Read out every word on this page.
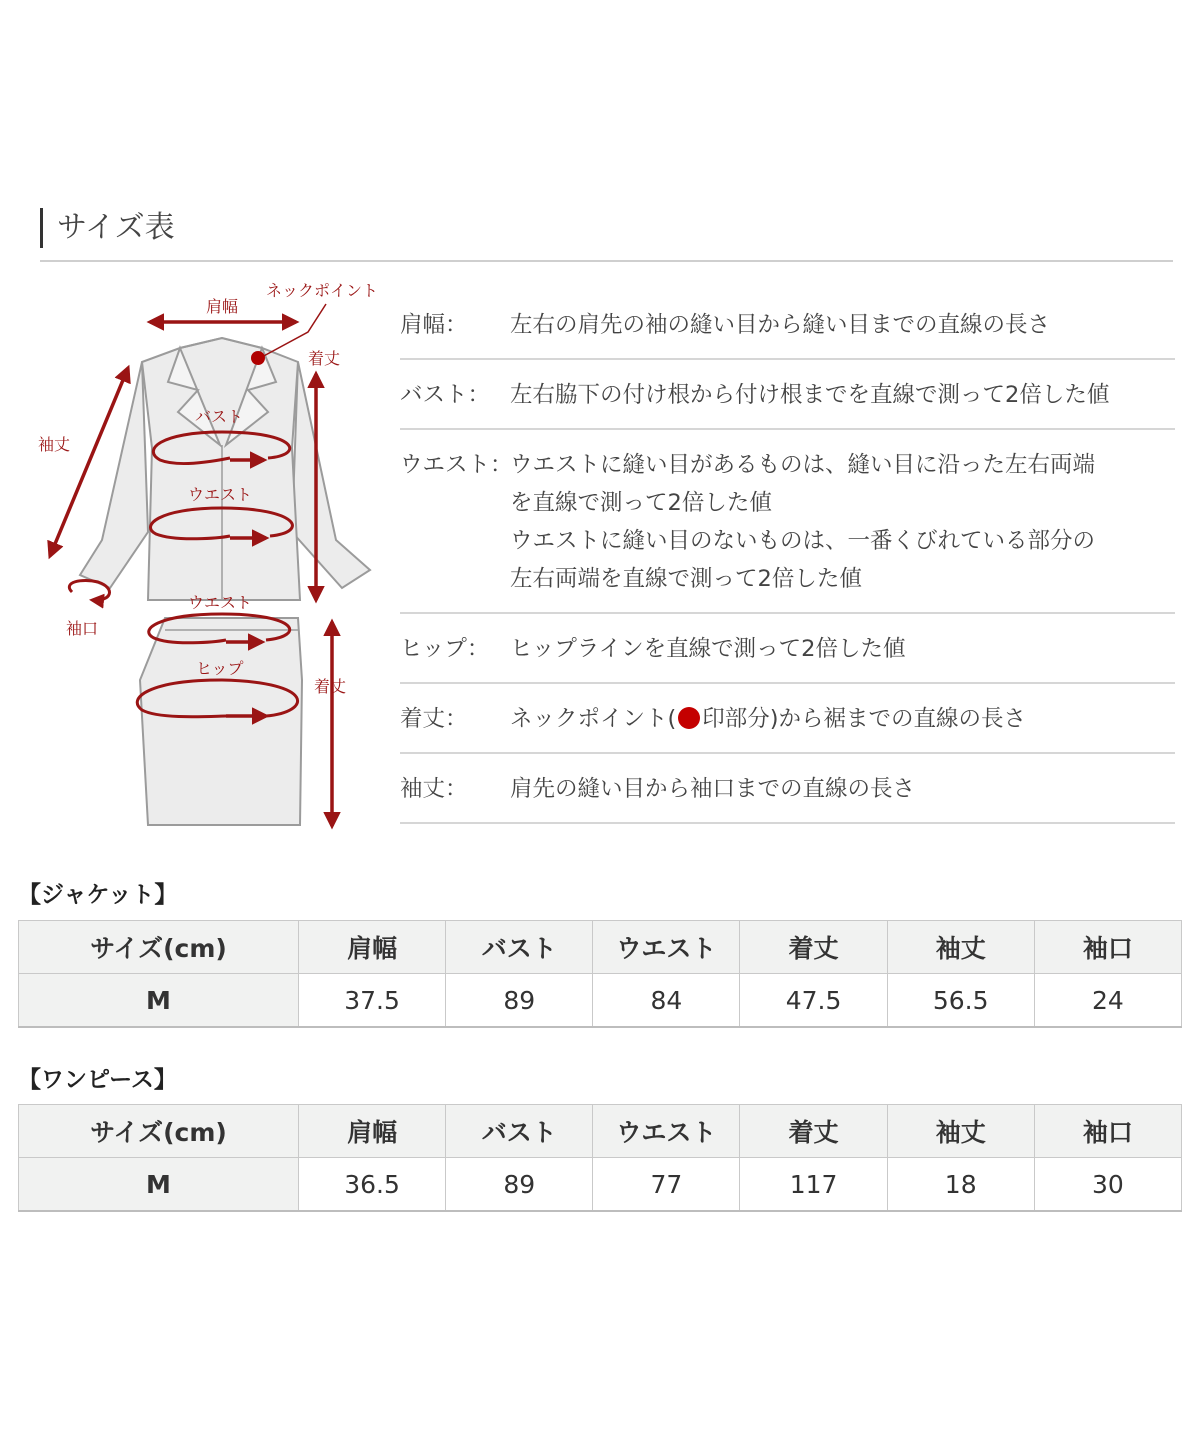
サイズ表
肩幅
ネックポイント
着丈
袖丈
バスト
ウエスト
袖口
ウエスト
ヒップ
着丈
肩幅：	左右の肩先の袖の縫い目から縫い目までの直線の長さ
バスト： 左右脇下の付け根から付け根までを直線で測って2倍した値
ウエスト：
ウエストに縫い目があるものは、縫い目に沿った左右両端
を直線で測って2倍した値
ウエストに縫い目のないものは、一番くびれている部分の
左右両端を直線で測って2倍した値
ヒップ： ヒップラインを直線で測って2倍した値
着丈：	ネックポイント( 印部分)から裾までの直線の長さ
袖丈：	肩先の縫い目から袖口までの直線の長さ
【ジャケット】
サイズ(cm)	肩幅	バスト	ウエスト	着丈	袖丈	袖口
M	37.5	89	84	47.5	56.5	24
【ワンピース】
サイズ(cm)	肩幅	バスト	ウエスト	着丈	袖丈	袖口
M	36.5	89	77	117	18	30
